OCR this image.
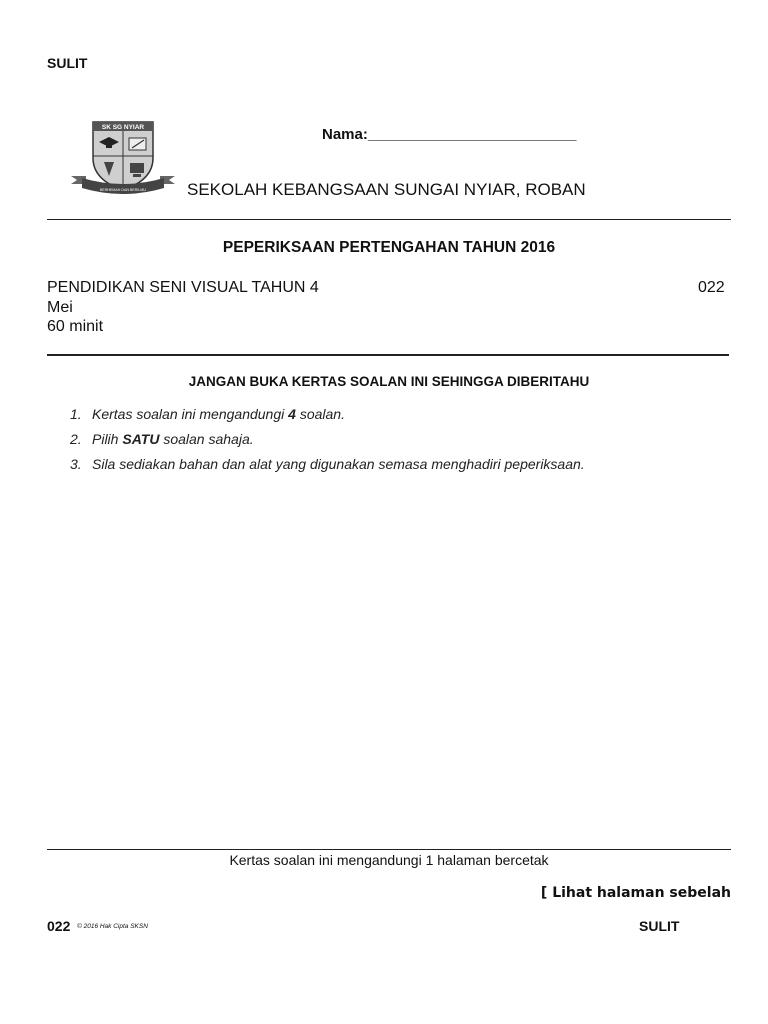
SULIT
SK SG NYIAR
BERHEMAH DAN BERILMU
Nama:_________________________
SEKOLAH KEBANGSAAN SUNGAI NYIAR, ROBAN
PEPERIKSAAN PERTENGAHAN TAHUN 2016
PENDIDIKAN SENI VISUAL TAHUN 4	022
Mei
60 minit
JANGAN BUKA KERTAS SOALAN INI SEHINGGA DIBERITAHU
1. Kertas soalan ini mengandungi 4 soalan.
2. Pilih SATU soalan sahaja.
3. Sila sediakan bahan dan alat yang digunakan semasa menghadiri peperiksaan.
Kertas soalan ini mengandungi 1 halaman bercetak
[ Lihat halaman sebelah
022 © 2016 Hak Cipta SKSN	SULIT
